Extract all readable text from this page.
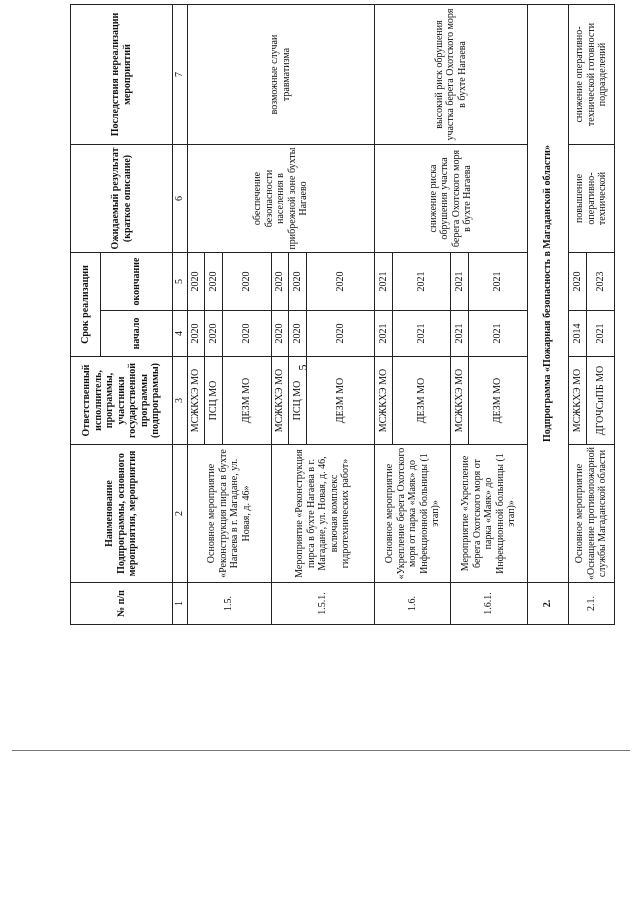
5
№ п/п	Наименование Подпрограммы, основного мероприятия, мероприятия	Ответственный исполнитель, программы, участники государственной программы (подпрограммы)	Срок реализации		Ожидаемый результат (краткое описание)	Последствия нереализации мероприятий
			начало	окончание		
1	2	3	4	5	6	7
1.5.	Основное мероприятие «Реконструкция пирса в бухте Нагаева в г. Магадане, ул. Новая, д. 46»	МСЖКХЭ МО	2020	2020	обеспечение безопасности населения в прибрежной зоне бухты Нагаево	возможные случаи травматизма
		ПСЦ МО	2020	2020		
		ДЕЗМ МО	2020	2020		
1.5.1.	Мероприятие «Реконструкция пирса в бухте Нагаева в г. Магадане, ул. Новая, д. 46, включая комплекс гидротехнических работ»	МСЖКХЭ МО	2020	2020		
		ПСЦ МО	2020	2020		
		ДЕЗМ МО	2020	2020		
1.6.	Основное мероприятие «Укрепление берега Охотского моря от парка «Маяк» до Инфекционной больницы (1 этап)»	МСЖКХЭ МО	2021	2021	снижение риска обрушения участка берега Охотского моря в бухте Нагаева	высокий риск обрушения участка берега Охотского моря в бухте Нагаева
		ДЕЗМ МО	2021	2021		
1.6.1.	Мероприятие «Укрепление берега Охотского моря от парка «Маяк» до Инфекционной больницы (1 этап)»	МСЖКХЭ МО	2021	2021		
		ДЕЗМ МО	2021	2021		
2.	Подпрограмма «Пожарная безопасность в Магаданской области»					
2.1.	Основное мероприятие «Оснащение противопожарной службы Магаданской области	МСЖКХЭ МО	2014	2020	повышение оперативно-технической	снижение оперативно-технической готовности подразделений
		ДГОЧСиПБ МО	2021	2023		
